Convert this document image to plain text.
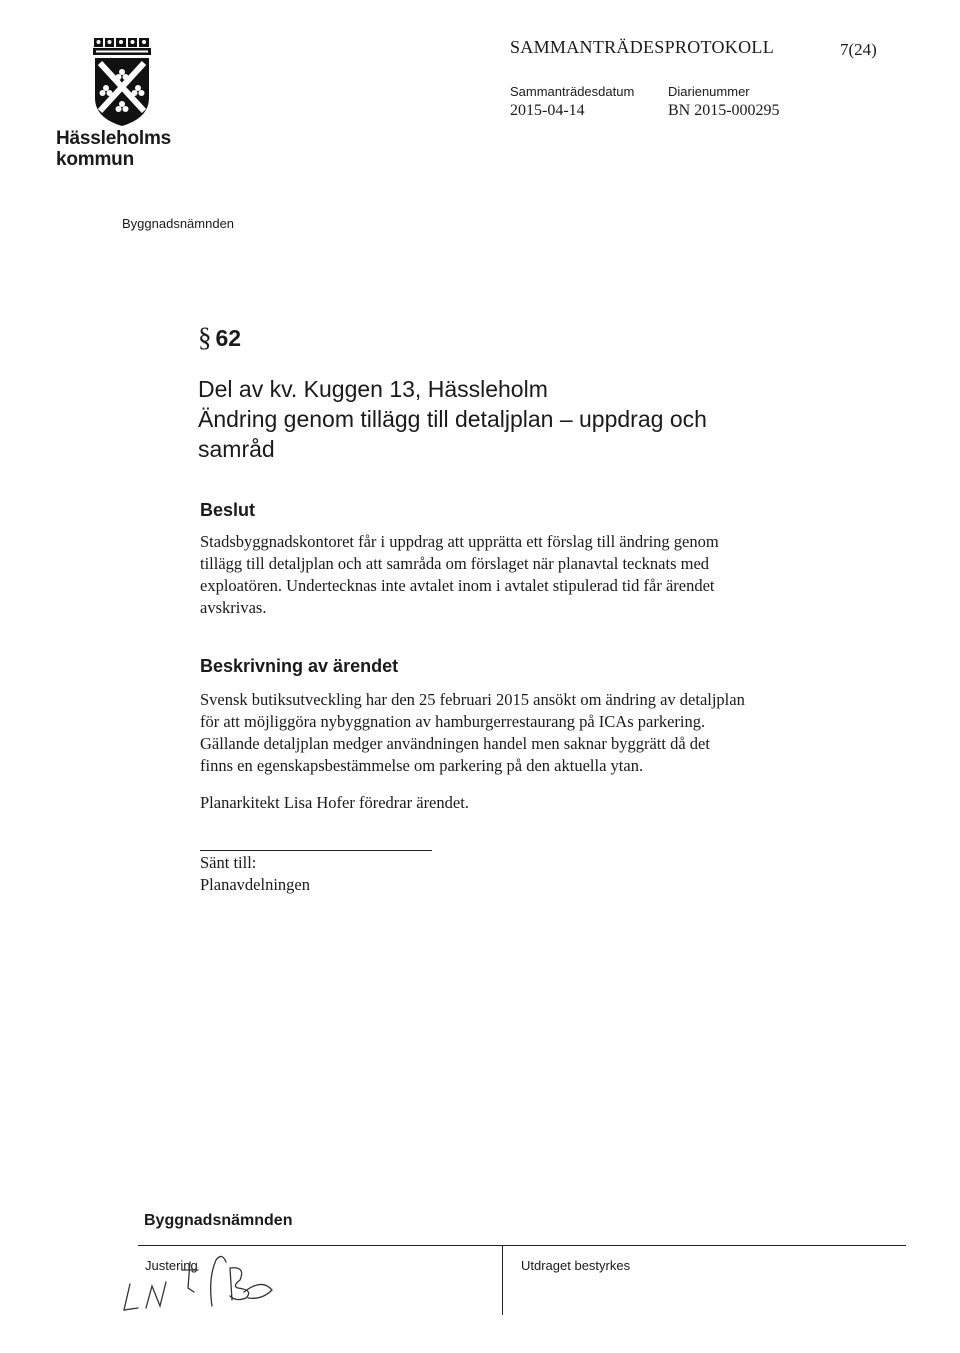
Hässleholms
kommun
SAMMANTRÄDESPROTOKOLL	7(24)
Sammanträdesdatum
2015-04-14
Diarienummer
BN 2015-000295
Byggnadsnämnden
§ 62
Del av kv. Kuggen 13, Hässleholm
Ändring genom tillägg till detaljplan – uppdrag och
samråd
Beslut
Stadsbyggnadskontoret får i uppdrag att upprätta ett förslag till ändring genom
tillägg till detaljplan och att samråda om förslaget när planavtal tecknats med
exploatören. Undertecknas inte avtalet inom i avtalet stipulerad tid får ärendet
avskrivas.
Beskrivning av ärendet
Svensk butiksutveckling har den 25 februari 2015 ansökt om ändring av detaljplan
för att möjliggöra nybyggnation av hamburgerrestaurang på ICAs parkering.
Gällande detaljplan medger användningen handel men saknar byggrätt då det
finns en egenskapsbestämmelse om parkering på den aktuella ytan.
Planarkitekt Lisa Hofer föredrar ärendet.
Sänt till:
Planavdelningen
Byggnadsnämnden
Justering	Utdraget bestyrkes
